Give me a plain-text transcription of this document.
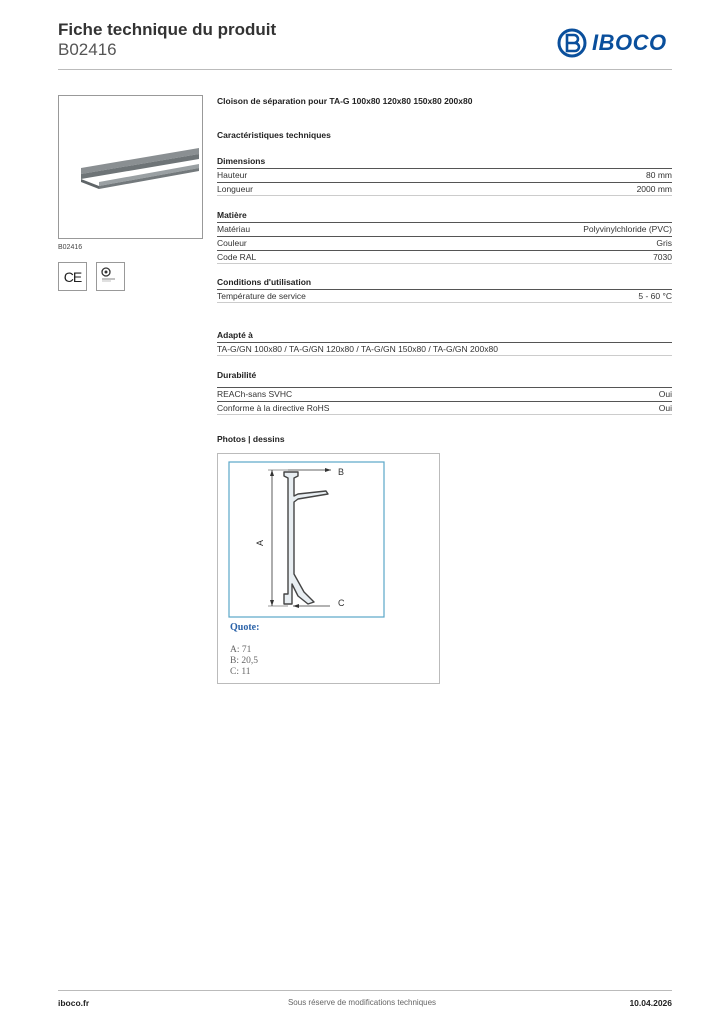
Fiche technique du produit
B02416	IBOCO
B02416
CE
Cloison de séparation pour TA-G 100x80 120x80 150x80 200x80
Caractéristiques techniques
Dimensions
Hauteur	80 mm
Longueur	2000 mm
Matière
Matériau	Polyvinylchloride (PVC)
Couleur	Gris
Code RAL	7030
Conditions d'utilisation
Température de service	5 - 60 °C
Adapté à
TA-G/GN 100x80 / TA-G/GN 120x80 / TA-G/GN 150x80 / TA-G/GN 200x80
Durabilité
REACh-sans SVHC	Oui
Conforme à la directive RoHS	Oui
Photos | dessins
A
B
C
Quote:
A: 71
B: 20,5
C: 11
iboco.fr	Sous réserve de modifications techniques	10.04.2026
